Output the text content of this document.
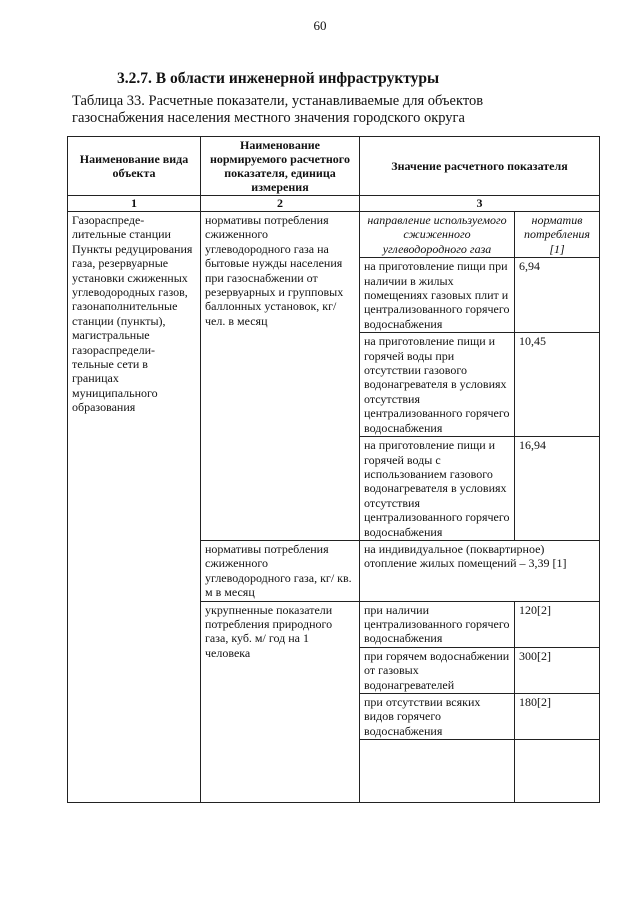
60
3.2.7. В области инженерной инфраструктуры
Таблица 33. Расчетные показатели, устанавливаемые для объектов газоснабжения населения местного значения городского округа
Наименование вида объекта	Наименование нормируемого расчетного показателя, единица измерения	Значение расчетного показателя	
1	2	3	
Газораспреде-лительные станции Пункты редуцирования газа, резервуарные установки сжиженных углеводородных газов, газонаполнительные станции (пункты), магистральные газораспредели-тельные сети в границах муниципального образования	нормативы потребления сжиженного углеводородного газа на бытовые нужды населения при газоснабжении от резервуарных и групповых баллонных установок, кг/ чел. в месяц	направление используемого сжиженного углеводородного газа	норматив потребления [1]
		на приготовление пищи при наличии в жилых помещениях газовых плит и централизованного горячего водоснабжения	6,94
		на приготовление пищи и горячей воды при отсутствии газового водонагревателя в условиях отсутствия централизованного горячего водоснабжения	10,45
		на приготовление пищи и горячей воды с использованием газового водонагревателя в условиях отсутствия централизованного горячего водоснабжения	16,94
	нормативы потребления сжиженного углеводородного газа, кг/ кв. м в месяц	на индивидуальное (поквартирное) отопление жилых помещений – 3,39 [1]	
	укрупненные показатели потребления природного газа, куб. м/ год на 1 человека	при наличии централизованного горячего водоснабжения	120[2]
		при горячем водоснабжении от газовых водонагревателей	300[2]
		при отсутствии всяких видов горячего водоснабжения	180[2]
